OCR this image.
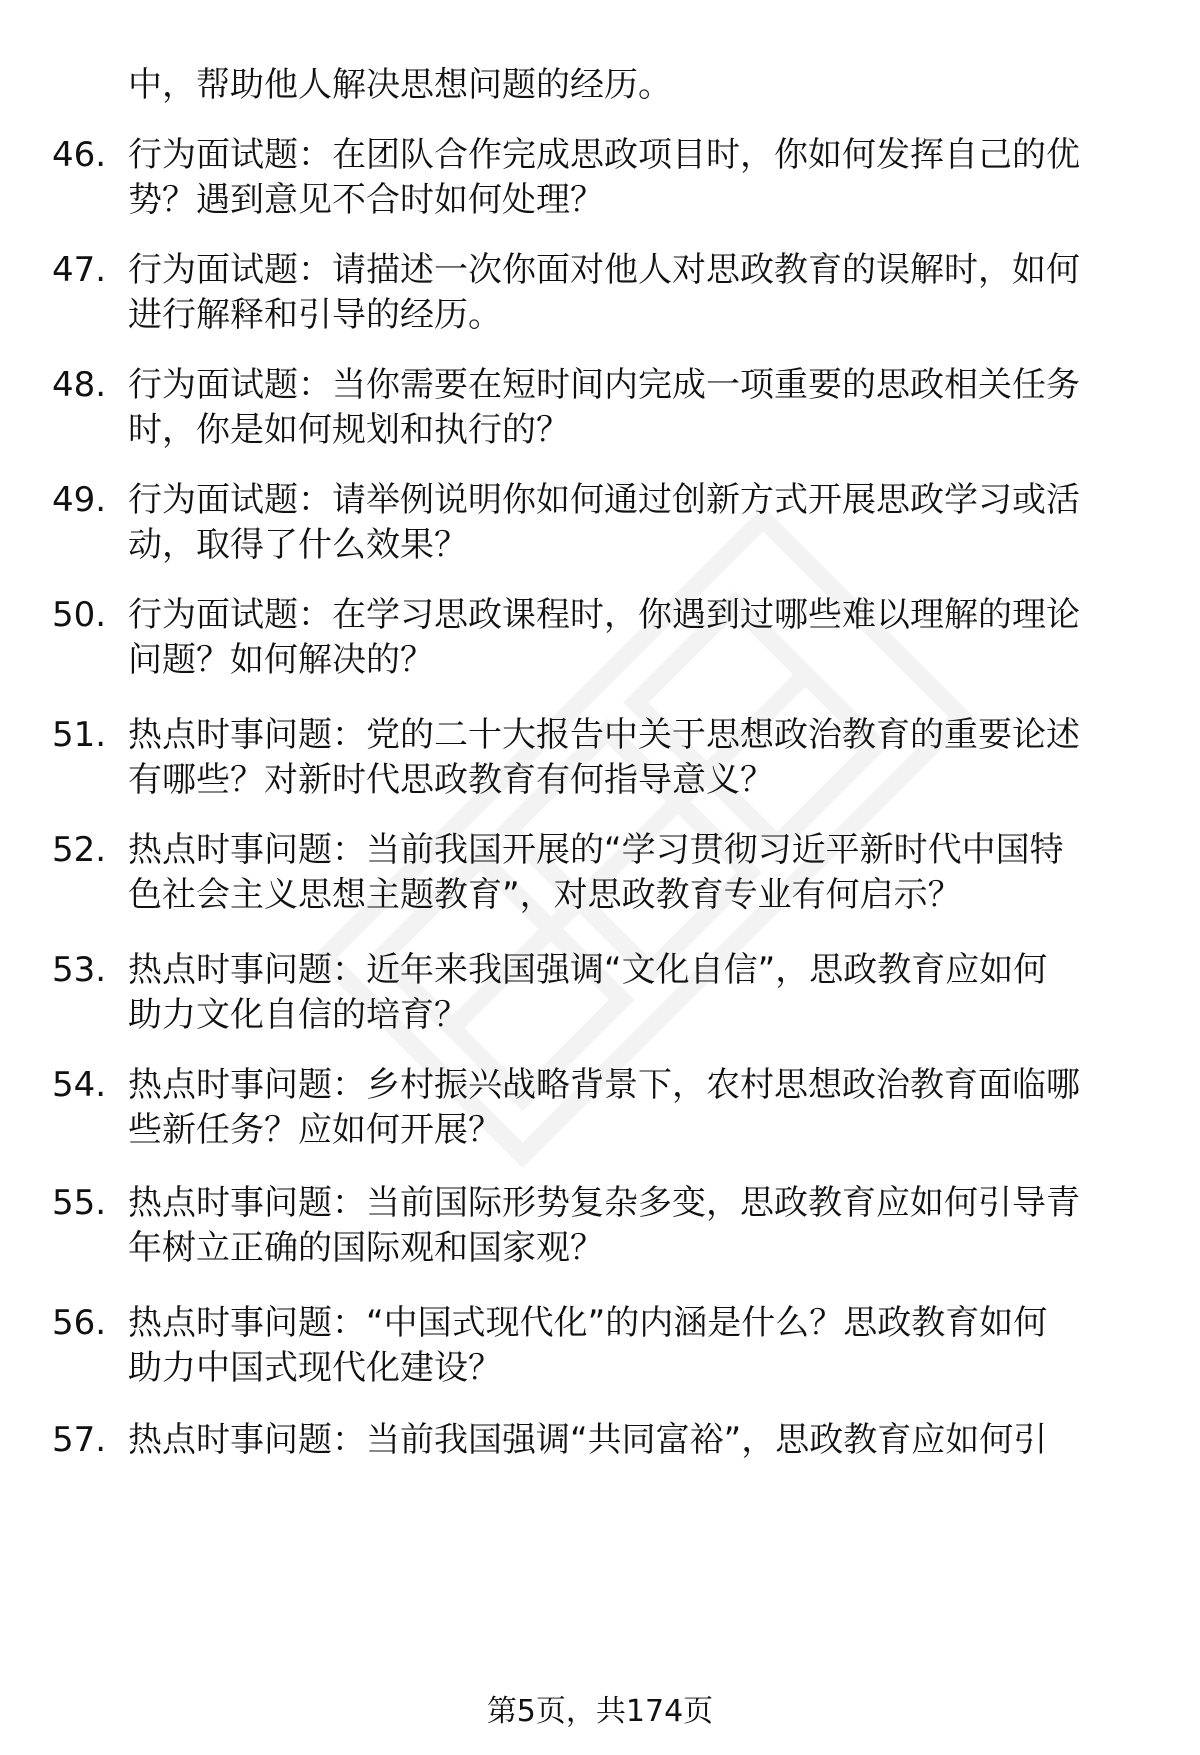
中，帮助他人解决思想问题的经历。
46. 行为面试题：在团队合作完成思政项目时，你如何发挥自己的优
势？遇到意见不合时如何处理？
47. 行为面试题：请描述一次你面对他人对思政教育的误解时，如何
进行解释和引导的经历。
48. 行为面试题：当你需要在短时间内完成一项重要的思政相关任务
时，你是如何规划和执行的？
49. 行为面试题：请举例说明你如何通过创新方式开展思政学习或活
动，取得了什么效果？
50. 行为面试题：在学习思政课程时，你遇到过哪些难以理解的理论
问题？如何解决的？
51. 热点时事问题：党的二十大报告中关于思想政治教育的重要论述
有哪些？对新时代思政教育有何指导意义？
52. 热点时事问题：当前我国开展的“学习贯彻习近平新时代中国特
色社会主义思想主题教育”，对思政教育专业有何启示？
53. 热点时事问题：近年来我国强调“文化自信”，思政教育应如何
助力文化自信的培育？
54. 热点时事问题：乡村振兴战略背景下，农村思想政治教育面临哪
些新任务？应如何开展？
55. 热点时事问题：当前国际形势复杂多变，思政教育应如何引导青
年树立正确的国际观和国家观？
56. 热点时事问题：“中国式现代化”的内涵是什么？思政教育如何
助力中国式现代化建设？
57. 热点时事问题：当前我国强调“共同富裕”，思政教育应如何引
第5页，共174页
